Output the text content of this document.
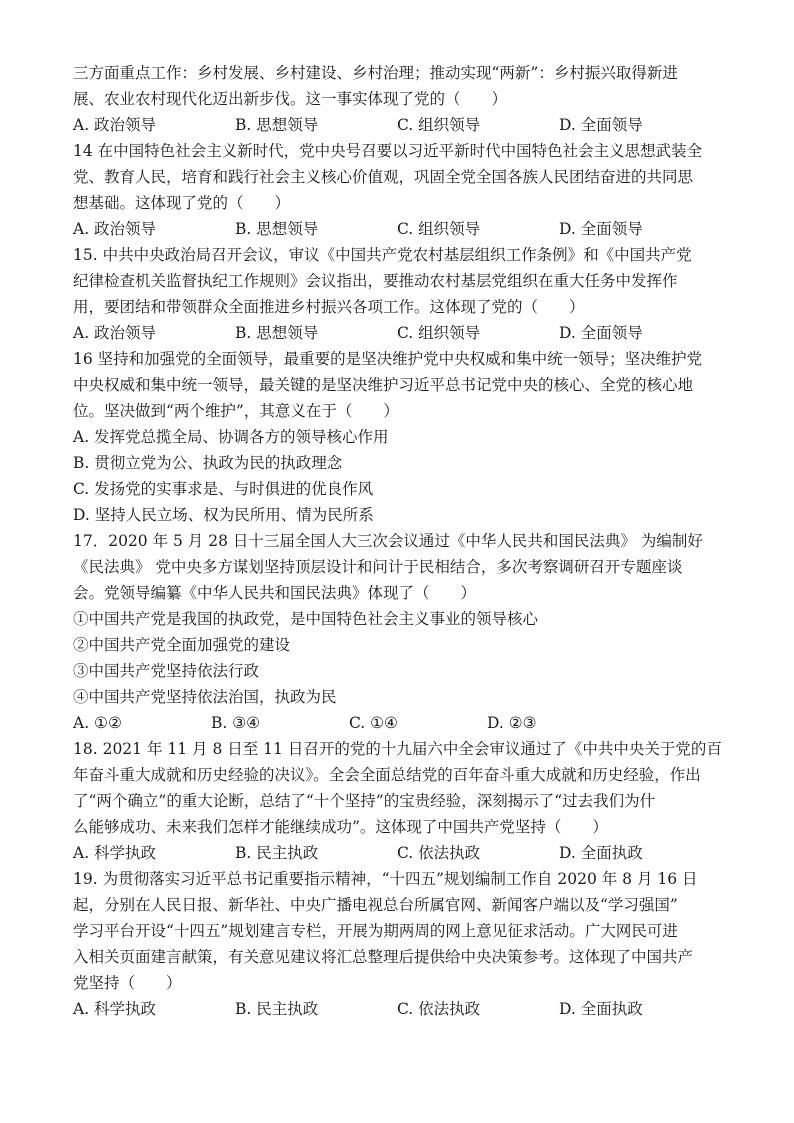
三方面重点工作：乡村发展、乡村建设、乡村治理；推动实现“两新”：乡村振兴取得新进
展、农业农村现代化迈出新步伐。这一事实体现了党的（　　）
A. 政治领导	B. 思想领导	C. 组织领导	D. 全面领导
14 在中国特色社会主义新时代，党中央号召要以习近平新时代中国特色社会主义思想武装全
党、教育人民，培育和践行社会主义核心价值观，巩固全党全国各族人民团结奋进的共同思
想基础。这体现了党的（　　）
A. 政治领导	B. 思想领导	C. 组织领导	D. 全面领导
15. 中共中央政治局召开会议，审议《中国共产党农村基层组织工作条例》和《中国共产党
纪律检查机关监督执纪工作规则》会议指出，要推动农村基层党组织在重大任务中发挥作
用，要团结和带领群众全面推进乡村振兴各项工作。这体现了党的（　　）
A. 政治领导	B. 思想领导	C. 组织领导	D. 全面领导
16 坚持和加强党的全面领导，最重要的是坚决维护党中央权威和集中统一领导；坚决维护党
中央权威和集中统一领导，最关键的是坚决维护习近平总书记党中央的核心、全党的核心地
位。坚决做到“两个维护”，其意义在于（　　）
A. 发挥党总揽全局、协调各方的领导核心作用
B. 贯彻立党为公、执政为民的执政理念
C. 发扬党的实事求是、与时俱进的优良作风
D. 坚持人民立场、权为民所用、情为民所系
17．2020 年 5 月 28 日十三届全国人大三次会议通过《中华人民共和国民法典》 为编制好
《民法典》 党中央多方谋划坚持顶层设计和问计于民相结合，多次考察调研召开专题座谈
会。党领导编纂《中华人民共和国民法典》体现了（　　）
①中国共产党是我国的执政党，是中国特色社会主义事业的领导核心
②中国共产党全面加强党的建设
③中国共产党坚持依法行政
④中国共产党坚持依法治国，执政为民
A. ①②	B. ③④	C. ①④	D. ②③
18. 2021 年 11 月 8 日至 11 日召开的党的十九届六中全会审议通过了《中共中央关于党的百
年奋斗重大成就和历史经验的决议》。全会全面总结党的百年奋斗重大成就和历史经验，作出
了“两个确立”的重大论断，总结了“十个坚持”的宝贵经验，深刻揭示了“过去我们为什
么能够成功、未来我们怎样才能继续成功”。这体现了中国共产党坚持（　　）
A. 科学执政	B. 民主执政	C. 依法执政	D. 全面执政
19. 为贯彻落实习近平总书记重要指示精神，“十四五”规划编制工作自 2020 年 8 月 16 日
起，分别在人民日报、新华社、中央广播电视总台所属官网、新闻客户端以及“学习强国”
学习平台开设“十四五”规划建言专栏，开展为期两周的网上意见征求活动。广大网民可进
入相关页面建言献策，有关意见建议将汇总整理后提供给中央决策参考。这体现了中国共产
党坚持（　　）
A. 科学执政	B. 民主执政	C. 依法执政	D. 全面执政
